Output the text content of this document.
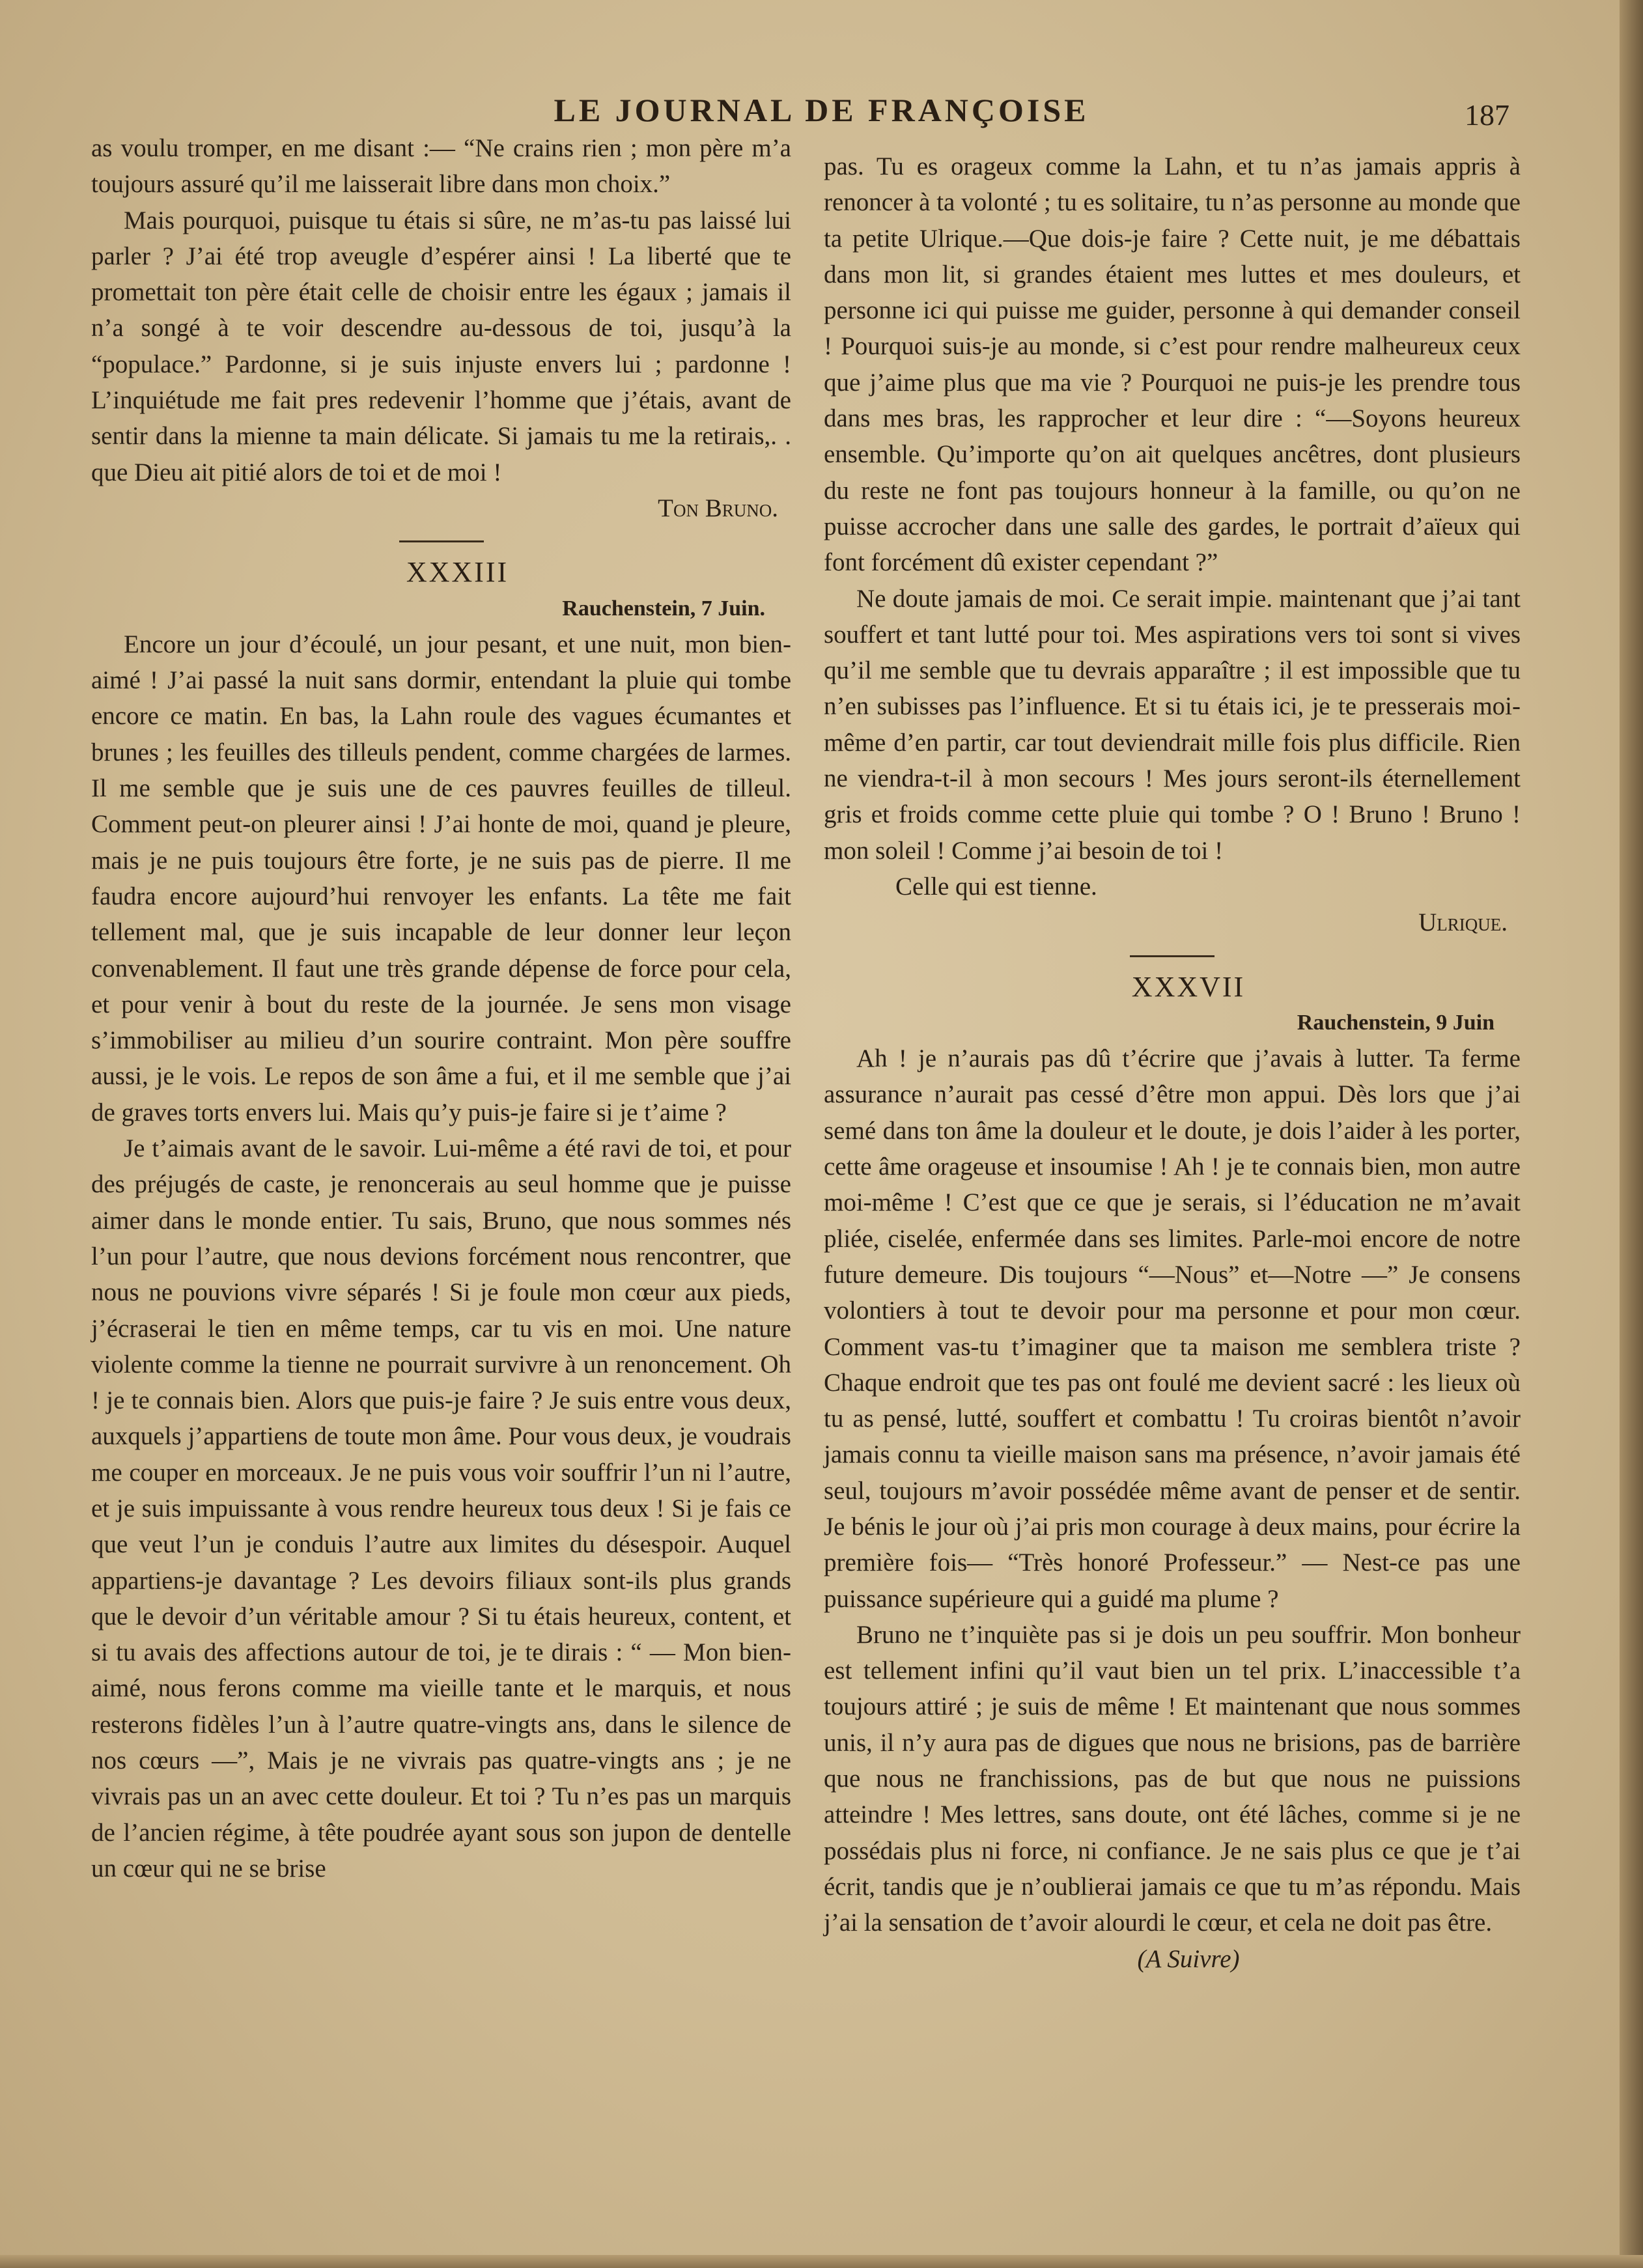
LE JOURNAL DE FRANÇOISE	187

as voulu tromper, en me disant :— “Ne crains rien ; mon père m’a toujours assuré qu’il me laisserait libre dans mon choix.”

Mais pourquoi, puisque tu étais si sûre, ne m’as-tu pas laissé lui parler ? J’ai été trop aveugle d’espérer ainsi ! La liberté que te promettait ton père était celle de choisir entre les égaux ; jamais il n’a songé à te voir descendre au-dessous de toi, jusqu’à la “populace.” Pardonne, si je suis injuste envers lui ; pardonne ! L’inquiétude me fait pres redevenir l’homme que j’étais, avant de sentir dans la mienne ta main délicate. Si jamais tu me la retirais,. . que Dieu ait pitié alors de toi et de moi !

Ton Bruno.

XXXIII

Rauchenstein, 7 Juin.

Encore un jour d’écoulé, un jour pesant, et une nuit, mon bien-aimé ! J’ai passé la nuit sans dormir, entendant la pluie qui tombe encore ce matin. En bas, la Lahn roule des vagues écumantes et brunes ; les feuilles des tilleuls pendent, comme chargées de larmes. Il me semble que je suis une de ces pauvres feuilles de tilleul. Comment peut-on pleurer ainsi ! J’ai honte de moi, quand je pleure, mais je ne puis toujours être forte, je ne suis pas de pierre. Il me faudra encore aujourd’hui renvoyer les enfants. La tête me fait tellement mal, que je suis incapable de leur donner leur leçon convenablement. Il faut une très grande dépense de force pour cela, et pour venir à bout du reste de la journée. Je sens mon visage s’immobiliser au milieu d’un sourire contraint. Mon père souffre aussi, je le vois. Le repos de son âme a fui, et il me semble que j’ai de graves torts envers lui. Mais qu’y puis-je faire si je t’aime ?

Je t’aimais avant de le savoir. Lui-même a été ravi de toi, et pour des préjugés de caste, je renoncerais au seul homme que je puisse aimer dans le monde entier. Tu sais, Bruno, que nous sommes nés l’un pour l’autre, que nous devions forcément nous rencontrer, que nous ne pouvions vivre séparés ! Si je foule mon cœur aux pieds, j’écraserai le tien en même temps, car tu vis en moi. Une nature violente comme la tienne ne pourrait survivre à un renoncement. Oh ! je te connais bien. Alors que puis-je faire ? Je suis entre vous deux, auxquels j’appartiens de toute mon âme. Pour vous deux, je voudrais me couper en morceaux. Je ne puis vous voir souffrir l’un ni l’autre, et je suis impuissante à vous rendre heureux tous deux ! Si je fais ce que veut l’un je conduis l’autre aux limites du désespoir. Auquel appartiens-je davantage ? Les devoirs filiaux sont-ils plus grands que le devoir d’un véritable amour ? Si tu étais heureux, content, et si tu avais des affections autour de toi, je te dirais : “ — Mon bien-aimé, nous ferons comme ma vieille tante et le marquis, et nous resterons fidèles l’un à l’autre quatre-vingts ans, dans le silence de nos cœurs —”, Mais je ne vivrais pas quatre-vingts ans ; je ne vivrais pas un an avec cette douleur. Et toi ? Tu n’es pas un marquis de l’ancien régime, à tête poudrée ayant sous son jupon de dentelle un cœur qui ne se brise

pas. Tu es orageux comme la Lahn, et tu n’as jamais appris à renoncer à ta volonté ; tu es solitaire, tu n’as personne au monde que ta petite Ulrique.—Que dois-je faire ? Cette nuit, je me débattais dans mon lit, si grandes étaient mes luttes et mes douleurs, et personne ici qui puisse me guider, personne à qui demander conseil ! Pourquoi suis-je au monde, si c’est pour rendre malheureux ceux que j’aime plus que ma vie ? Pourquoi ne puis-je les prendre tous dans mes bras, les rapprocher et leur dire : “—Soyons heureux ensemble. Qu’importe qu’on ait quelques ancêtres, dont plusieurs du reste ne font pas toujours honneur à la famille, ou qu’on ne puisse accrocher dans une salle des gardes, le portrait d’aïeux qui font forcément dû exister cependant ?”

Ne doute jamais de moi. Ce serait impie. maintenant que j’ai tant souffert et tant lutté pour toi. Mes aspirations vers toi sont si vives qu’il me semble que tu devrais apparaître ; il est impossible que tu n’en subisses pas l’influence. Et si tu étais ici, je te presserais moi-même d’en partir, car tout deviendrait mille fois plus difficile. Rien ne viendra-t-il à mon secours ! Mes jours seront-ils éternellement gris et froids comme cette pluie qui tombe ? O ! Bruno ! Bruno ! mon soleil ! Comme j’ai besoin de toi !

Celle qui est tienne.

Ulrique.

XXXVII

Rauchenstein, 9 Juin

Ah ! je n’aurais pas dû t’écrire que j’avais à lutter. Ta ferme assurance n’aurait pas cessé d’être mon appui. Dès lors que j’ai semé dans ton âme la douleur et le doute, je dois l’aider à les porter, cette âme orageuse et insoumise ! Ah ! je te connais bien, mon autre moi-même ! C’est que ce que je serais, si l’éducation ne m’avait pliée, ciselée, enfermée dans ses limites. Parle-moi encore de notre future demeure. Dis toujours “—Nous” et—Notre —” Je consens volontiers à tout te devoir pour ma personne et pour mon cœur. Comment vas-tu t’imaginer que ta maison me semblera triste ? Chaque endroit que tes pas ont foulé me devient sacré : les lieux où tu as pensé, lutté, souffert et combattu ! Tu croiras bientôt n’avoir jamais connu ta vieille maison sans ma présence, n’avoir jamais été seul, toujours m’avoir possédée même avant de penser et de sentir. Je bénis le jour où j’ai pris mon courage à deux mains, pour écrire la première fois— “Très honoré Professeur.” — Nest-ce pas une puissance supérieure qui a guidé ma plume ?

Bruno ne t’inquiète pas si je dois un peu souffrir. Mon bonheur est tellement infini qu’il vaut bien un tel prix. L’inaccessible t’a toujours attiré ; je suis de même ! Et maintenant que nous sommes unis, il n’y aura pas de digues que nous ne brisions, pas de barrière que nous ne franchissions, pas de but que nous ne puissions atteindre ! Mes lettres, sans doute, ont été lâches, comme si je ne possédais plus ni force, ni confiance. Je ne sais plus ce que je t’ai écrit, tandis que je n’oublierai jamais ce que tu m’as répondu. Mais j’ai la sensation de t’avoir alourdi le cœur, et cela ne doit pas être.

(A Suivre)
